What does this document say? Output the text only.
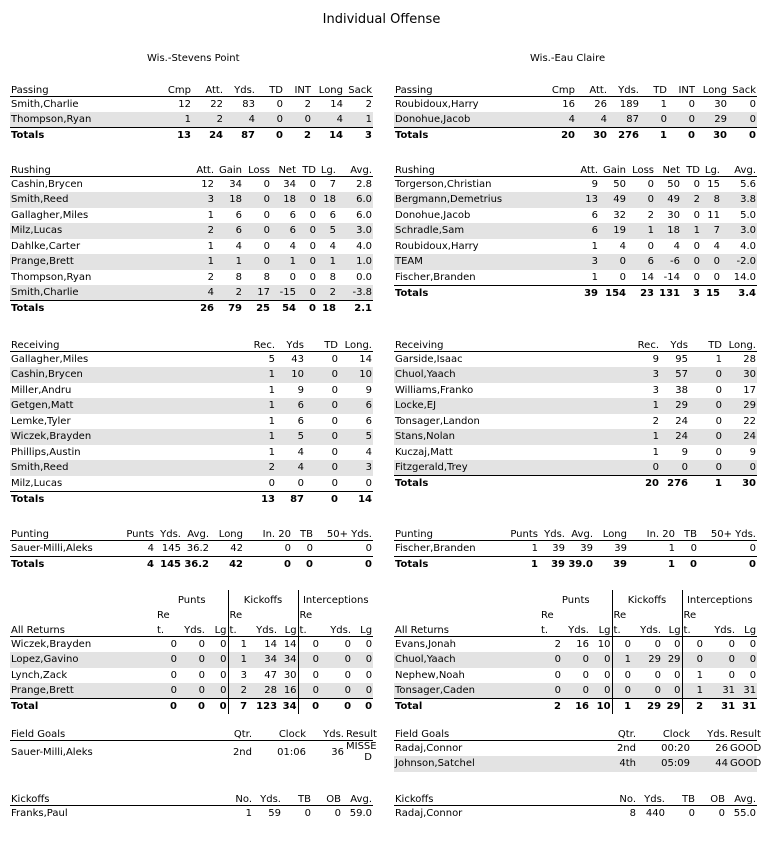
Individual Offense
Wis.-Stevens Point	Wis.-Eau Claire
Passing	Cmp	Att.	Yds.	TD	INT	Long	Sack
Smith,Charlie	12	22	83	0	2	14	2
Thompson,Ryan	1	2	4	0	0	4	1
Totals	13	24	87	0	2	14	3
Passing	Cmp	Att.	Yds.	TD	INT	Long	Sack
Roubidoux,Harry	16	26	189	1	0	30	0
Donohue,Jacob	4	4	87	0	0	29	0
Totals	20	30	276	1	0	30	0
Rushing	Att.	Gain	Loss	Net	TD	Lg.	Avg.
Cashin,Brycen	12	34	0	34	0	7	2.8
Smith,Reed	3	18	0	18	0	18	6.0
Gallagher,Miles	1	6	0	6	0	6	6.0
Milz,Lucas	2	6	0	6	0	5	3.0
Dahlke,Carter	1	4	0	4	0	4	4.0
Prange,Brett	1	1	0	1	0	1	1.0
Thompson,Ryan	2	8	8	0	0	8	0.0
Smith,Charlie	4	2	17	-15	0	2	-3.8
Totals	26	79	25	54	0	18	2.1
Rushing	Att.	Gain	Loss	Net	TD	Lg.	Avg.
Torgerson,Christian	9	50	0	50	0	15	5.6
Bergmann,Demetrius	13	49	0	49	2	8	3.8
Donohue,Jacob	6	32	2	30	0	11	5.0
Schradle,Sam	6	19	1	18	1	7	3.0
Roubidoux,Harry	1	4	0	4	0	4	4.0
TEAM	3	0	6	-6	0	0	-2.0
Fischer,Branden	1	0	14	-14	0	0	14.0
Totals	39	154	23	131	3	15	3.4
Receiving	Rec.	Yds	TD	Long.
Gallagher,Miles	5	43	0	14
Cashin,Brycen	1	10	0	10
Miller,Andru	1	9	0	9
Getgen,Matt	1	6	0	6
Lemke,Tyler	1	6	0	6
Wiczek,Brayden	1	5	0	5
Phillips,Austin	1	4	0	4
Smith,Reed	2	4	0	3
Milz,Lucas	0	0	0	0
Totals	13	87	0	14
Receiving	Rec.	Yds	TD	Long.
Garside,Isaac	9	95	1	28
Chuol,Yaach	3	57	0	30
Williams,Franko	3	38	0	17
Locke,EJ	1	29	0	29
Tonsager,Landon	2	24	0	22
Stans,Nolan	1	24	0	24
Kuczaj,Matt	1	9	0	9
Fitzgerald,Trey	0	0	0	0
Totals	20	276	1	30
Punting	Punts	Yds.	Avg.	Long	In. 20	TB	50+ Yds.
Sauer-Milli,Aleks	4	145	36.2	42	0	0	0
Totals	4	145	36.2	42	0	0	0
Punting	Punts	Yds.	Avg.	Long	In. 20	TB	50+ Yds.
Fischer,Branden	1	39	39	39	1	0	0
Totals	1	39	39.0	39	1	0	0
	Punts			Kickoffs			Interceptions		
	Re			Re			Re		
All Returns	t.	Yds.	Lg	t.	Yds.	Lg	t.	Yds.	Lg
Wiczek,Brayden	0	0	0	1	14	14	0	0	0
Lopez,Gavino	0	0	0	1	34	34	0	0	0
Lynch,Zack	0	0	0	3	47	30	0	0	0
Prange,Brett	0	0	0	2	28	16	0	0	0
Total	0	0	0	7	123	34	0	0	0
	Punts			Kickoffs			Interceptions		
	Re			Re			Re		
All Returns	t.	Yds.	Lg	t.	Yds.	Lg	t.	Yds.	Lg
Evans,Jonah	2	16	10	0	0	0	0	0	0
Chuol,Yaach	0	0	0	1	29	29	0	0	0
Nephew,Noah	0	0	0	0	0	0	1	0	0
Tonsager,Caden	0	0	0	0	0	0	1	31	31
Total	2	16	10	1	29	29	2	31	31
Field Goals	Qtr.	Clock	Yds.	Result
Sauer-Milli,Aleks	2nd	01:06	36	MISSE D
Field Goals	Qtr.	Clock	Yds.	Result
Radaj,Connor	2nd	00:20	26	GOOD
Johnson,Satchel	4th	05:09	44	GOOD
Kickoffs	No.	Yds.	TB	OB	Avg.
Franks,Paul	1	59	0	0	59.0
Kickoffs	No.	Yds.	TB	OB	Avg.
Radaj,Connor	8	440	0	0	55.0
